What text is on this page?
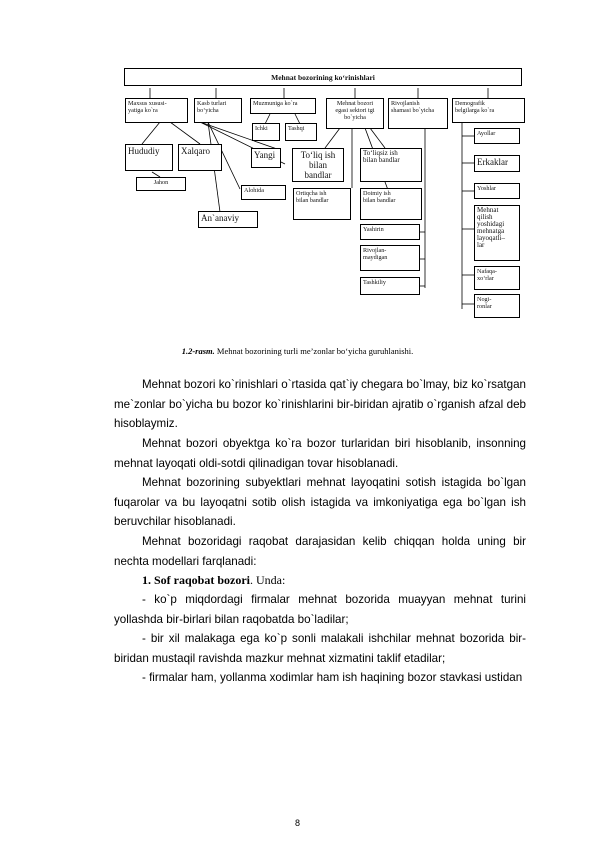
Mehnat bozorining ko‘rinishlari
Maxsus xususi-
yatiga ko`ra
Kasb turlari
bo‘yicha
Muzmuniga ko`ra	Mehnat bozori
egasi sektori tgi
bo`yicha
Rivojlanish
shamasi bo`yicha
Demografik
belgilarga ko`ra
Ichki	Tashqi
Hududiy	Xalqaro	Yangi	To‘liq ish
bilan
bandlar
To‘liqsiz ish
bilan bandlar
Jahon
An`anaviy
Alohida	Ortiqcha ish
bilan bandlar
Doimiy ish
bilan bandlar
Yashirin
Rivojlan-
maydigan
Tashkiliy
Ayollar
Erkaklar
Yoshlar
Mehnat
qilish
yoshidagi
mehnatga
layoqatli–
lar
Nafaqa-
xo‘rlar
Nogi-
ronlar
1.2-rasm. Mehnat bozorining turli me’zonlar bo‘yicha guruhlanishi.
Mehnat bozori ko`rinishlari o`rtasida qat`iy chegara bo`lmay, biz ko`rsatgan me`zonlar bo`yicha bu bozor ko`rinishlarini bir-biridan ajratib o`rganish afzal deb hisoblaymiz.
Mehnat bozori obyektga ko`ra bozor turlaridan biri hisoblanib, insonning mehnat layoqati oldi-sotdi qilinadigan tovar hisoblanadi.
Mehnat bozorining subyektlari mehnat layoqatini sotish istagida bo`lgan fuqarolar va bu layoqatni sotib olish istagida va imkoniyatiga ega bo`lgan ish beruvchilar hisoblanadi.
Mehnat bozoridagi raqobat darajasidan kelib chiqqan holda uning bir nechta modellari farqlanadi:
1. Sof raqobat bozori. Unda:
- ko`p miqdordagi firmalar mehnat bozorida muayyan mehnat turini yollashda bir-birlari bilan raqobatda bo`ladilar;
- bir xil malakaga ega ko`p sonli malakali ishchilar mehnat bozorida bir-biridan mustaqil ravishda mazkur mehnat xizmatini taklif etadilar;
- firmalar ham, yollanma xodimlar ham ish haqining bozor stavkasi ustidan
8
